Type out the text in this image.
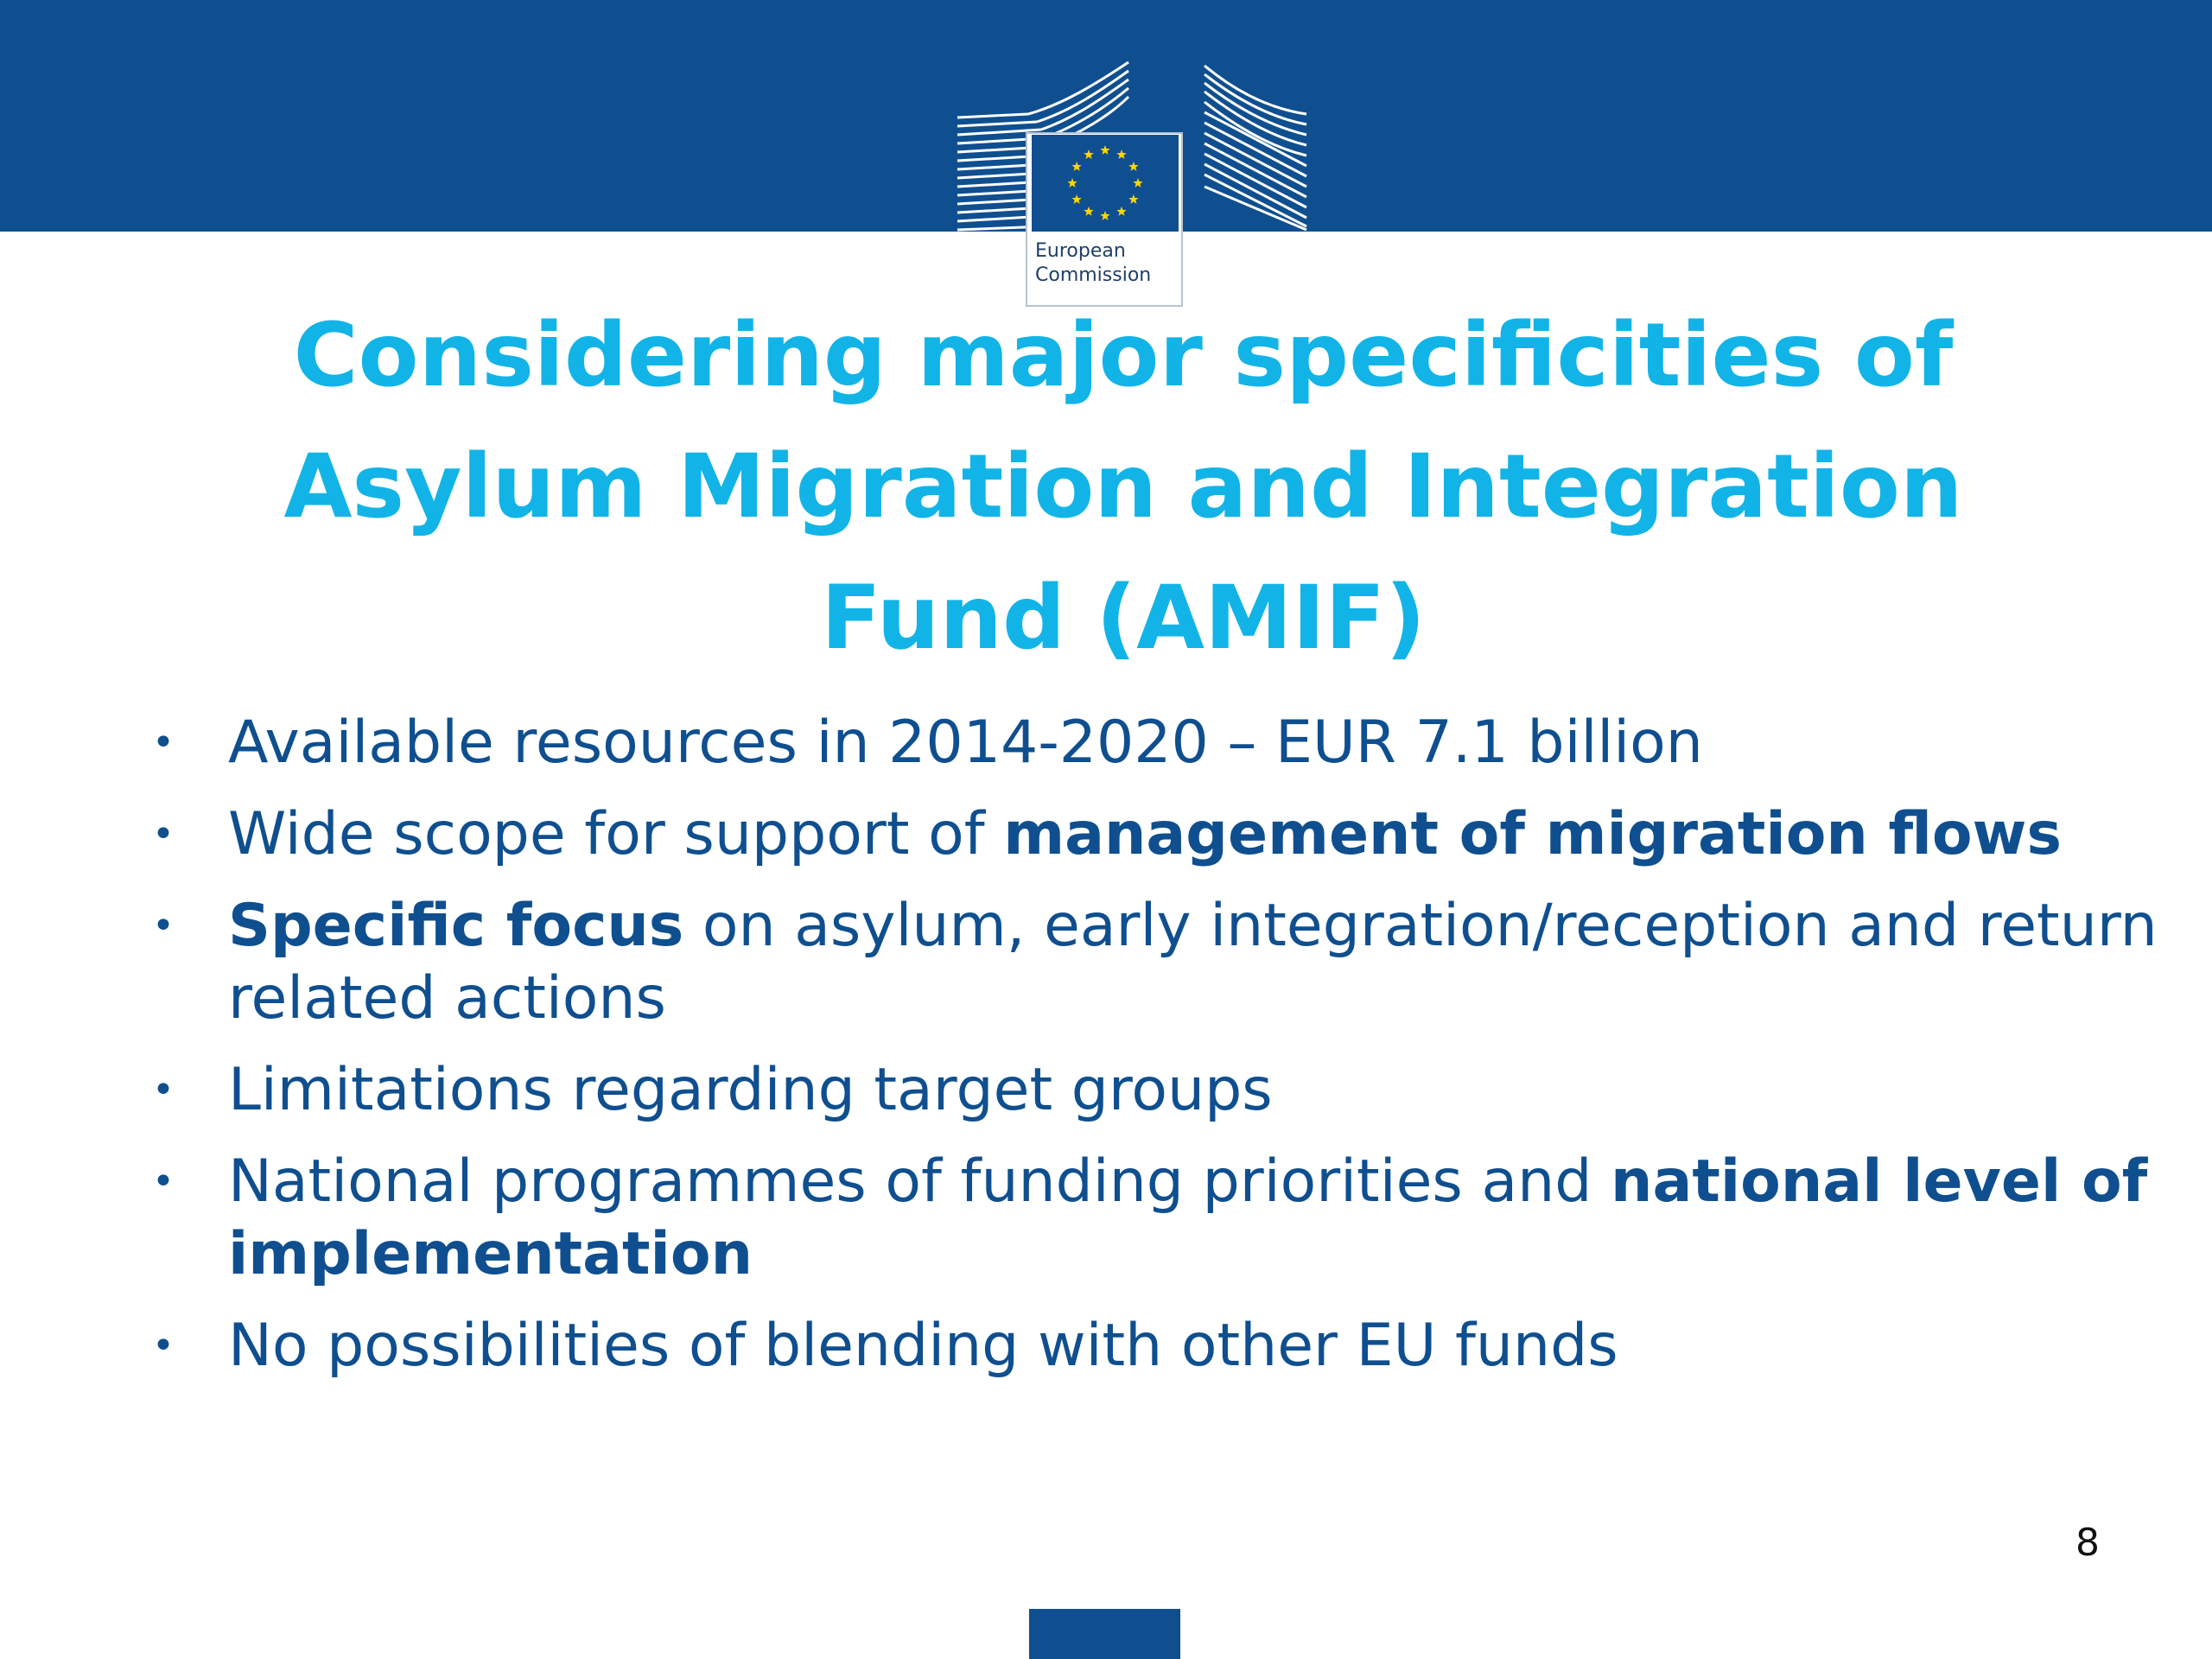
European
Commission
Considering major specificities of
Asylum Migration and Integration
Fund (AMIF)
• Available resources in 2014-2020 – EUR 7.1 billion
• Wide scope for support of management of migration flows
• Specific focus on asylum, early integration/reception and return related actions
• Limitations regarding target groups
• National programmes of funding priorities and national level of implementation
• No possibilities of blending with other EU funds
8
